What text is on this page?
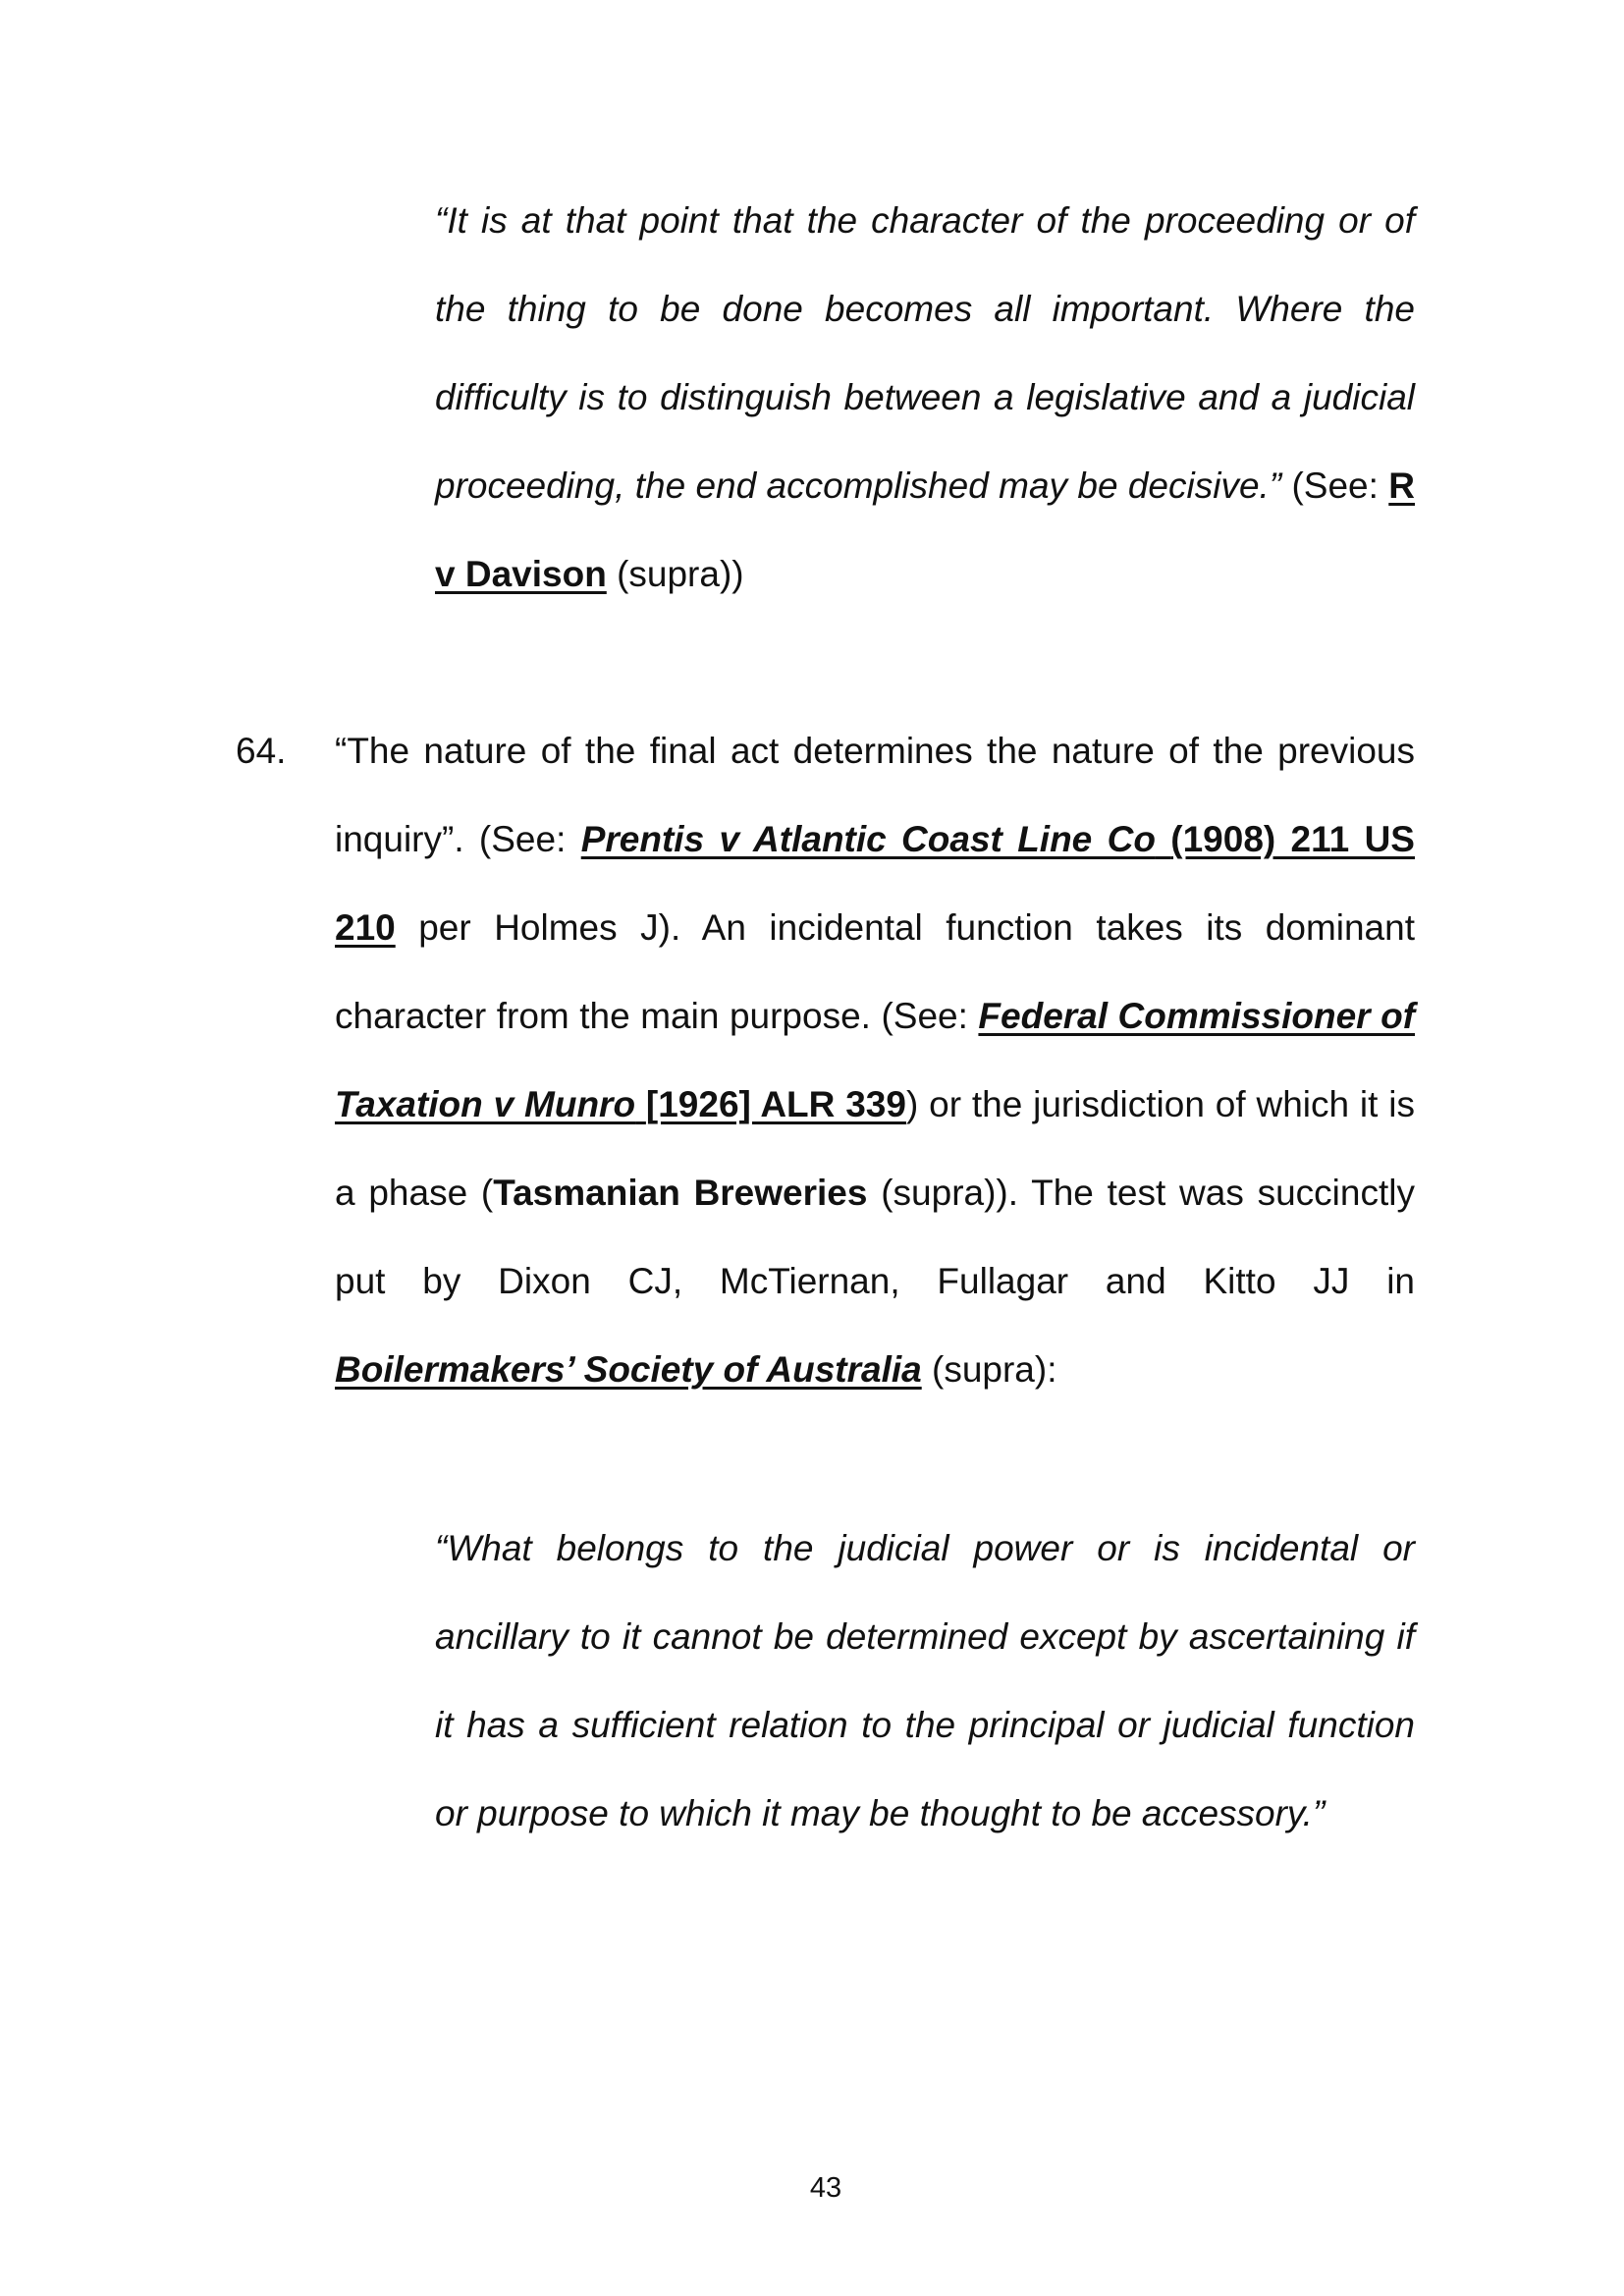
“It is at that point that the character of the proceeding or of the thing to be done becomes all important. Where the difficulty is to distinguish between a legislative and a judicial proceeding, the end accomplished may be decisive.” (See: R v Davison (supra))
64. “The nature of the final act determines the nature of the previous inquiry”. (See: Prentis v Atlantic Coast Line Co (1908) 211 US 210 per Holmes J). An incidental function takes its dominant character from the main purpose. (See: Federal Commissioner of Taxation v Munro [1926] ALR 339) or the jurisdiction of which it is a phase (Tasmanian Breweries (supra)). The test was succinctly put by Dixon CJ, McTiernan, Fullagar and Kitto JJ in Boilermakers’ Society of Australia (supra):
“What belongs to the judicial power or is incidental or ancillary to it cannot be determined except by ascertaining if it has a sufficient relation to the principal or judicial function or purpose to which it may be thought to be accessory.”
43
